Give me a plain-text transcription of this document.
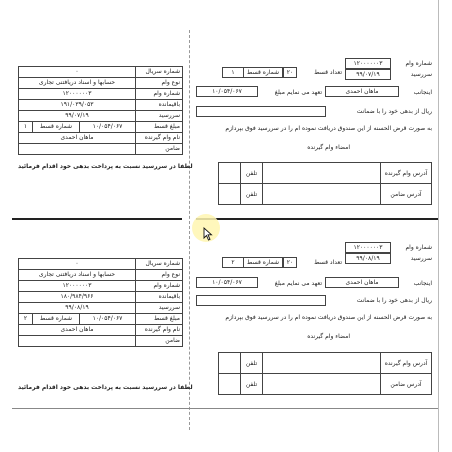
شماره سریال
۰
نوع وام
حسابها و اسناد دریافتنی تجاری
شماره وام
۱۲۰۰۰۰۰۰۳
باقیمانده
۱۹۱/۰۳۹/۰۵۳
سررسید
۹۹/۰۷/۱۹
مبلغ قسط
۱۰/۰۵۴/۰۶۷
شماره قسط
۱
نام وام گیرنده
ماهان احمدی
ضامن
لطفا در سررسید نسبت به پرداخت بدهی خود اقدام فرمائید
شماره وام
۱۲۰۰۰۰۰۰۳
سررسید
۹۹/۰۷/۱۹
تعداد قسط
۲۰
شماره قسط
۱
اینجانب
ماهان احمدی
تعهد می نمایم مبلغ
۱۰/۰۵۴/۰۶۷
ریال از بدهی خود را با ضمانت
به صورت قرض الحسنه از این صندوق دریافت نموده ام را در سررسید فوق بپردازم
امضاء وام گیرنده
آدرس وام گیرنده
تلفن
آدرس ضامن
تلفن
شماره سریال
۰
نوع وام
حسابها و اسناد دریافتنی تجاری
شماره وام
۱۲۰۰۰۰۰۰۳
باقیمانده
۱۸۰/۹۸۴/۹۶۶
سررسید
۹۹/۰۸/۱۹
مبلغ قسط
۱۰/۰۵۴/۰۶۷
شماره قسط
۲
نام وام گیرنده
ماهان احمدی
ضامن
لطفا در سررسید نسبت به پرداخت بدهی خود اقدام فرمائید
شماره وام
۱۲۰۰۰۰۰۰۳
سررسید
۹۹/۰۸/۱۹
تعداد قسط
۲۰
شماره قسط
۲
اینجانب
ماهان احمدی
تعهد می نمایم مبلغ
۱۰/۰۵۴/۰۶۷
ریال از بدهی خود را با ضمانت
به صورت قرض الحسنه از این صندوق دریافت نموده ام را در سررسید فوق بپردازم
امضاء وام گیرنده
آدرس وام گیرنده
تلفن
آدرس ضامن
تلفن
